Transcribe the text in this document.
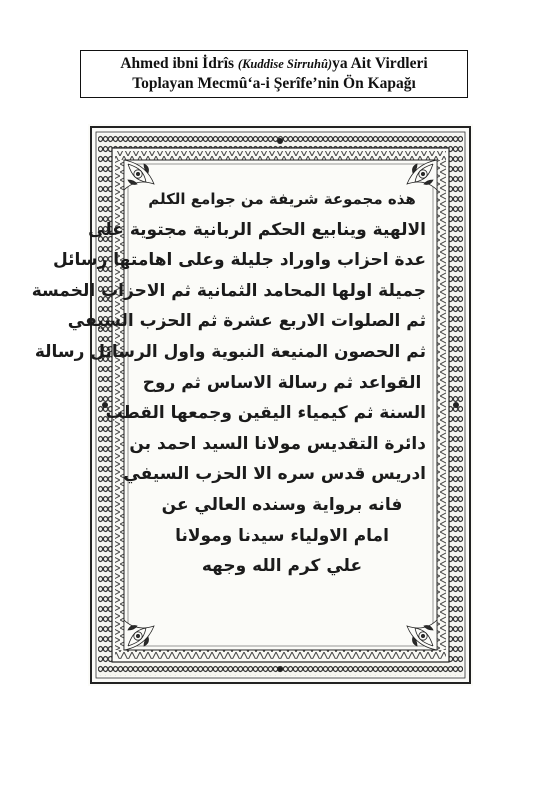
Ahmed ibni İdrîs (Kuddise Sirruhû)ya Ait Virdleri
Toplayan Mecmû‘a-i Şerîfe’nin Ön Kapağı
هذه مجموعة شريفة من جوامع الكلم
الالهية وينابيع الحكم الربانية مجتوية على
عدة احزاب واوراد جليلة وعلى اهامتها رسائل
جميلة اولها المحامد الثمانية ثم الاحزاب الخمسة
ثم الصلوات الاربع عشرة ثم الحزب السيفي
ثم الحصون المنيعة النبوية واول الرسائل رسالة
القواعد ثم رسالة الاساس ثم روح
السنة ثم كيمياء اليقين وجمعها القطب
دائرة التقديس مولانا السيد احمد بن
ادريس قدس سره الا الحزب السيفي
فانه برواية وسنده العالي عن
امام الاولياء سيدنا ومولانا
علي كرم الله وجهه
